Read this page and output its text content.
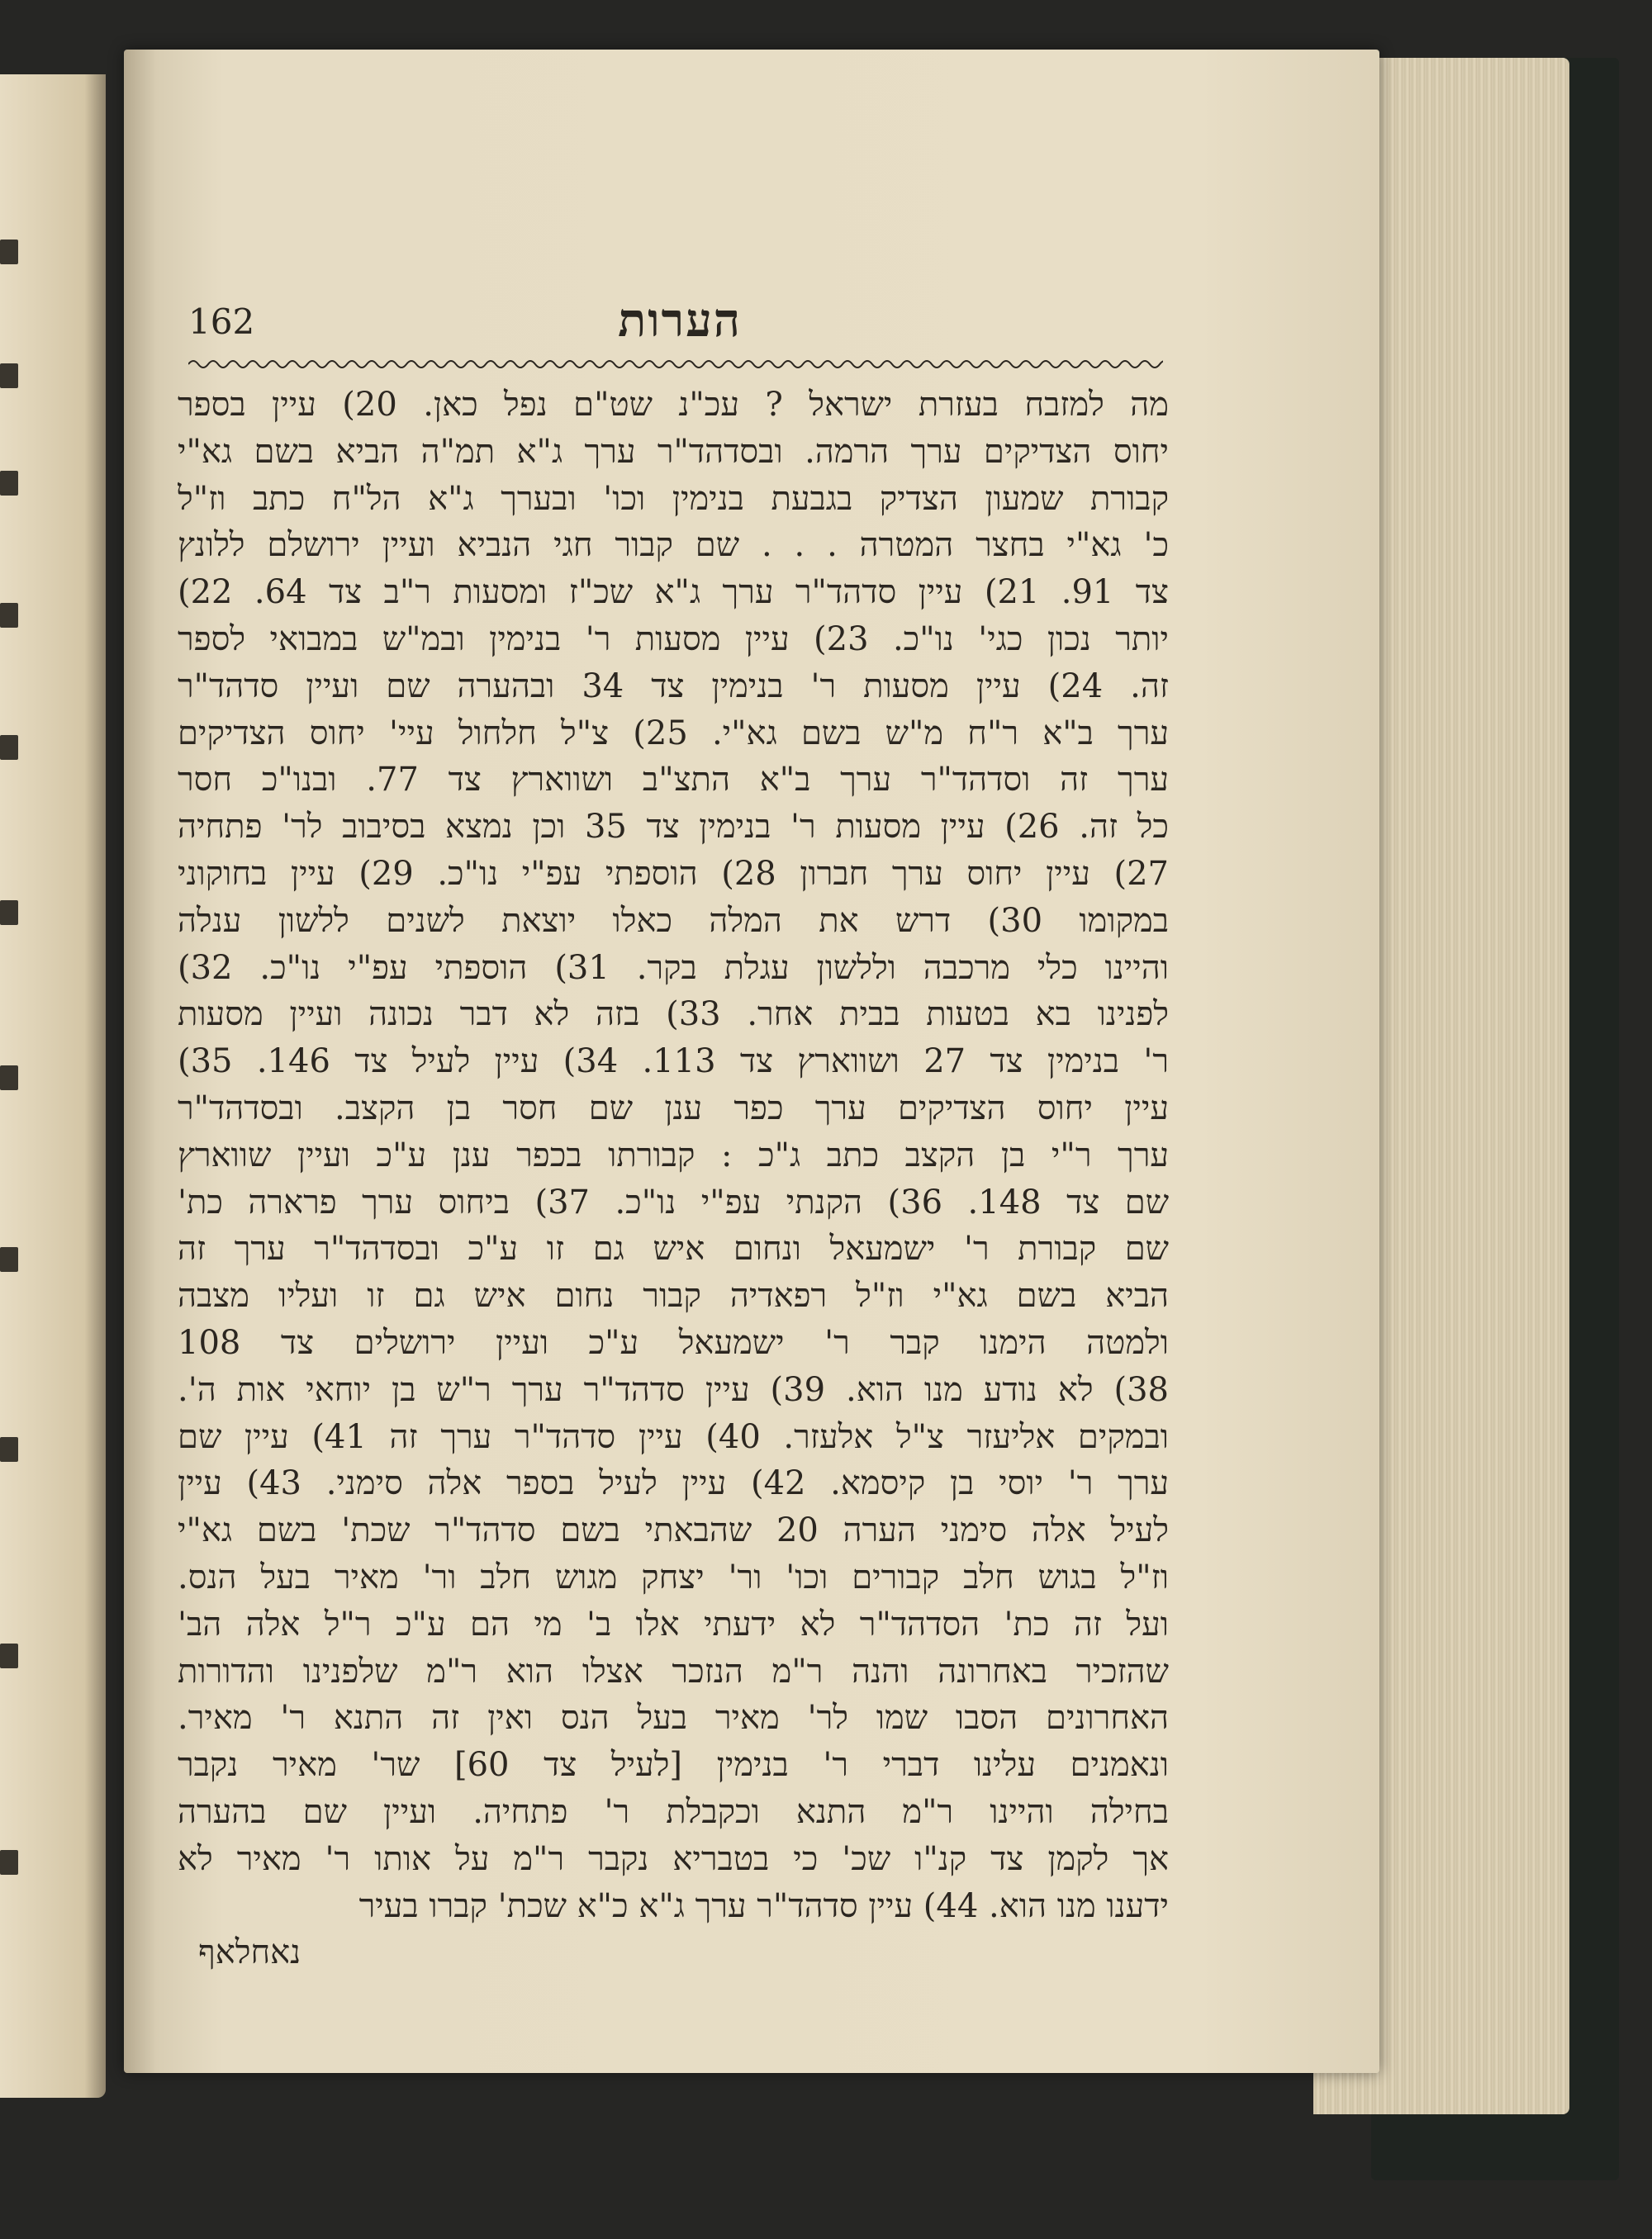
הערות
162
מה למזבח בעזרת ישראל ? עכ"נ שט"ם נפל כאן. 20) עיין בספר
יחוס הצדיקים ערך הרמה. ובסדהד"ר ערך ג"א תמ"ה הביא בשם גא"י
קבורת שמעון הצדיק בגבעת בנימין וכו' ובערך ג"א הל"ח כתב וז"ל
כ' גא"י בחצר המטרה . . . שם קבור חגי הנביא ועיין ירושלם ללונץ
צד 91. 21) עיין סדהד"ר ערך ג"א שכ"ז ומסעות ר"ב צד 64. 22)
יותר נכון כגי' נו"כ. 23) עיין מסעות ר' בנימין ובמ"ש במבואי לספר
זה. 24) עיין מסעות ר' בנימין צד 34 ובהערה שם ועיין סדהד"ר
ערך ב"א ר"ח מ"ש בשם גא"י. 25) צ"ל חלחול עיי' יחוס הצדיקים
ערך זה וסדהד"ר ערך ב"א התצ"ב ושווארץ צד 77. ובנו"כ חסר
כל זה. 26) עיין מסעות ר' בנימין צד 35 וכן נמצא בסיבוב לר' פתחיה
27) עיין יחוס ערך חברון 28) הוספתי עפ"י נו"כ. 29) עיין בחוקוני
במקומו 30) דרש את המלה כאלו יוצאת לשנים ללשון ענלה
והיינו כלי מרכבה וללשון עגלת בקר. 31) הוספתי עפ"י נו"כ. 32)
לפנינו בא בטעות בבית אחר. 33) בזה לא דבר נכונה ועיין מסעות
ר' בנימין צד 27 ושווארץ צד 113. 34) עיין לעיל צד 146. 35)
עיין יחוס הצדיקים ערך כפר ענן שם חסר בן הקצב. ובסדהד"ר
ערך ר"י בן הקצב כתב ג"כ : קבורתו בכפר ענן ע"כ ועיין שווארץ
שם צד 148. 36) הקנתי עפ"י נו"כ. 37) ביחוס ערך פרארה כת'
שם קבורת ר' ישמעאל ונחום איש גם זו ע"כ ובסדהד"ר ערך זה
הביא בשם גא"י וז"ל רפאדיה קבור נחום איש גם זו ועליו מצבה
ולמטה הימנו קבר ר' ישמעאל ע"כ ועיין ירושלים צד 108
38) לא נודע מנו הוא. 39) עיין סדהד"ר ערך ר"ש בן יוחאי אות ה'.
ובמקים אליעזר צ"ל אלעזר. 40) עיין סדהד"ר ערך זה 41) עיין שם
ערך ר' יוסי בן קיסמא. 42) עיין לעיל בספר אלה סימני. 43) עיין
לעיל אלה סימני הערה 20 שהבאתי בשם סדהד"ר שכת' בשם גא"י
וז"ל בגוש חלב קבורים וכו' ור' יצחק מגוש חלב ור' מאיר בעל הנס.
ועל זה כת' הסדהד"ר לא ידעתי אלו ב' מי הם ע"כ ר"ל אלה הב'
שהזכיר באחרונה והנה ר"מ הנזכר אצלו הוא ר"מ שלפנינו והדורות
האחרונים הסבו שמו לר' מאיר בעל הנס ואין זה התנא ר' מאיר.
ונאמנים עלינו דברי ר' בנימין [לעיל צד 60] שר' מאיר נקבר
בחילה והיינו ר"מ התנא וכקבלת ר' פתחיה. ועיין שם בהערה
אך לקמן צד קנ"ו שכ' כי בטבריא נקבר ר"מ על אותו ר' מאיר לא
ידענו מנו הוא. 44) עיין סדהד"ר ערך ג"א כ"א שכת' קברו בעיר
נאחלאף
